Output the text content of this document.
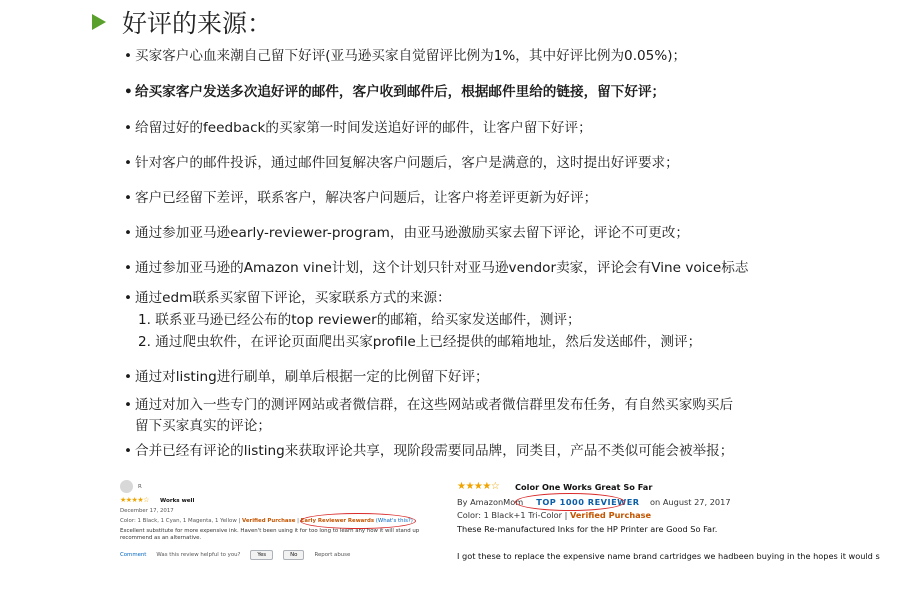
好评的来源：
• 买家客户心血来潮自己留下好评(亚马逊买家自觉留评比例为1%，其中好评比例为0.05%)；
• 给买家客户发送多次追好评的邮件，客户收到邮件后，根据邮件里给的链接，留下好评；
• 给留过好的feedback的买家第一时间发送追好评的邮件，让客户留下好评；
• 针对客户的邮件投诉，通过邮件回复解决客户问题后，客户是满意的，这时提出好评要求；
• 客户已经留下差评，联系客户，解决客户问题后，让客户将差评更新为好评；
• 通过参加亚马逊early-reviewer-program，由亚马逊激励买家去留下评论，评论不可更改；
• 通过参加亚马逊的Amazon vine计划，这个计划只针对亚马逊vendor卖家，评论会有Vine voice标志
• 通过edm联系买家留下评论，买家联系方式的来源：
1. 联系亚马逊已经公布的top reviewer的邮箱，给买家发送邮件，测评；
2. 通过爬虫软件，在评论页面爬出买家profile上已经提供的邮箱地址，然后发送邮件，测评；
• 通过对listing进行刷单，刷单后根据一定的比例留下好评；
• 通过对加入一些专门的测评网站或者微信群，在这些网站或者微信群里发布任务，有自然买家购买后
留下买家真实的评论；
• 合并已经有评论的listing来获取评论共享，现阶段需要同品牌，同类目，产品不类似可能会被举报；
R
★★★★☆ Works well
December 17, 2017
Color: 1 Black, 1 Cyan, 1 Magenta, 1 Yellow | Verified Purchase | Early Reviewer Rewards (What's this?)
Excellent substitute for more expensive ink. Haven't been using it for too long to learn any how it will stand up recommend as an alternative.
Comment Was this review helpful to you?	Yes	No	Report abuse
★★★★☆ Color One Works Great So Far
By AmazonMom TOP 1000 REVIEWER on August 27, 2017
Color: 1 Black+1 Tri-Color | Verified Purchase
These Re-manufactured Inks for the HP Printer are Good So Far.
I got these to replace the expensive name brand cartridges we hadbeen buying in the hopes it would s
